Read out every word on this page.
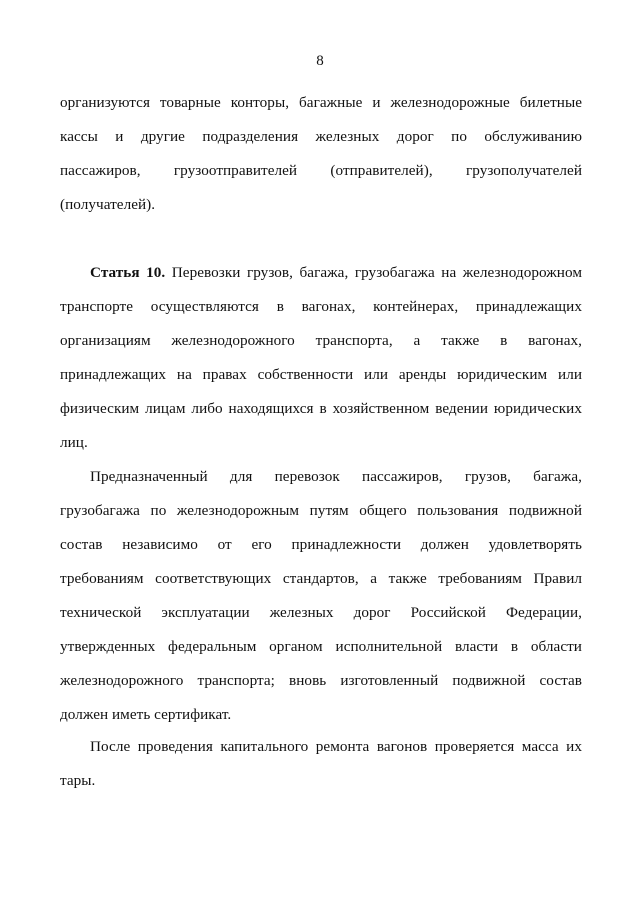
8
организуются товарные конторы, багажные и железнодорожные билетные
кассы и другие подразделения железных дорог по обслуживанию
пассажиров, грузоотправителей (отправителей), грузополучателей
(получателей).
Статья 10. Перевозки грузов, багажа, грузобагажа на железнодорожном
транспорте осуществляются в вагонах, контейнерах, принадлежащих
организациям железнодорожного транспорта, а также в вагонах,
принадлежащих на правах собственности или аренды юридическим или
физическим лицам либо находящихся в хозяйственном ведении юридических
лиц.
Предназначенный для перевозок пассажиров, грузов, багажа,
грузобагажа по железнодорожным путям общего пользования подвижной
состав независимо от его принадлежности должен удовлетворять
требованиям соответствующих стандартов, а также требованиям Правил
технической эксплуатации железных дорог Российской Федерации,
утвержденных федеральным органом исполнительной власти в области
железнодорожного транспорта; вновь изготовленный подвижной состав
должен иметь сертификат.
После проведения капитального ремонта вагонов проверяется масса их
тары.
